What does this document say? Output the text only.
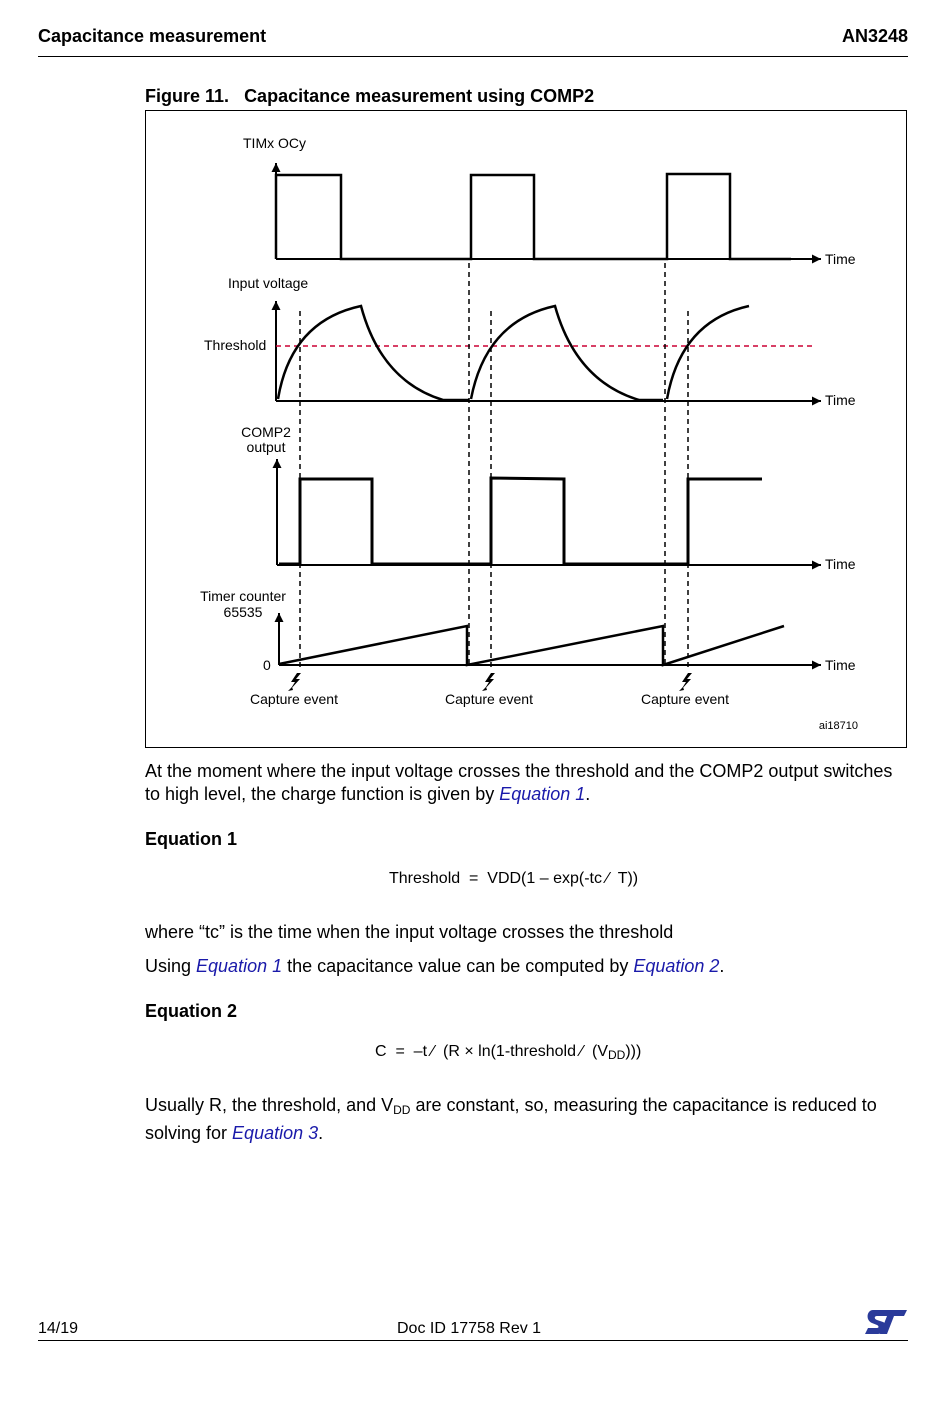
Capacitance measurement	AN3248
Figure 11. Capacitance measurement using COMP2
TIMx OCy
Time
Input voltage
Threshold
Time
COMP2
output
Time
Timer counter
65535
0	Time
Capture event	Capture event	Capture event
ai18710
At the moment where the input voltage crosses the threshold and the COMP2 output switches to high level, the charge function is given by Equation 1.
Equation 1
Threshold  =  VDD(1 – exp(-tc ⁄  T))
where “tc” is the time when the input voltage crosses the threshold
Using Equation 1 the capacitance value can be computed by Equation 2.
Equation 2
C  =  –t ⁄  (R × ln(1-threshold ⁄  $(V_{DD})$))
Usually R, the threshold, and $V_{DD}$ are constant, so, measuring the capacitance is reduced to solving for Equation 3.
14/19	Doc ID 17758 Rev 1
